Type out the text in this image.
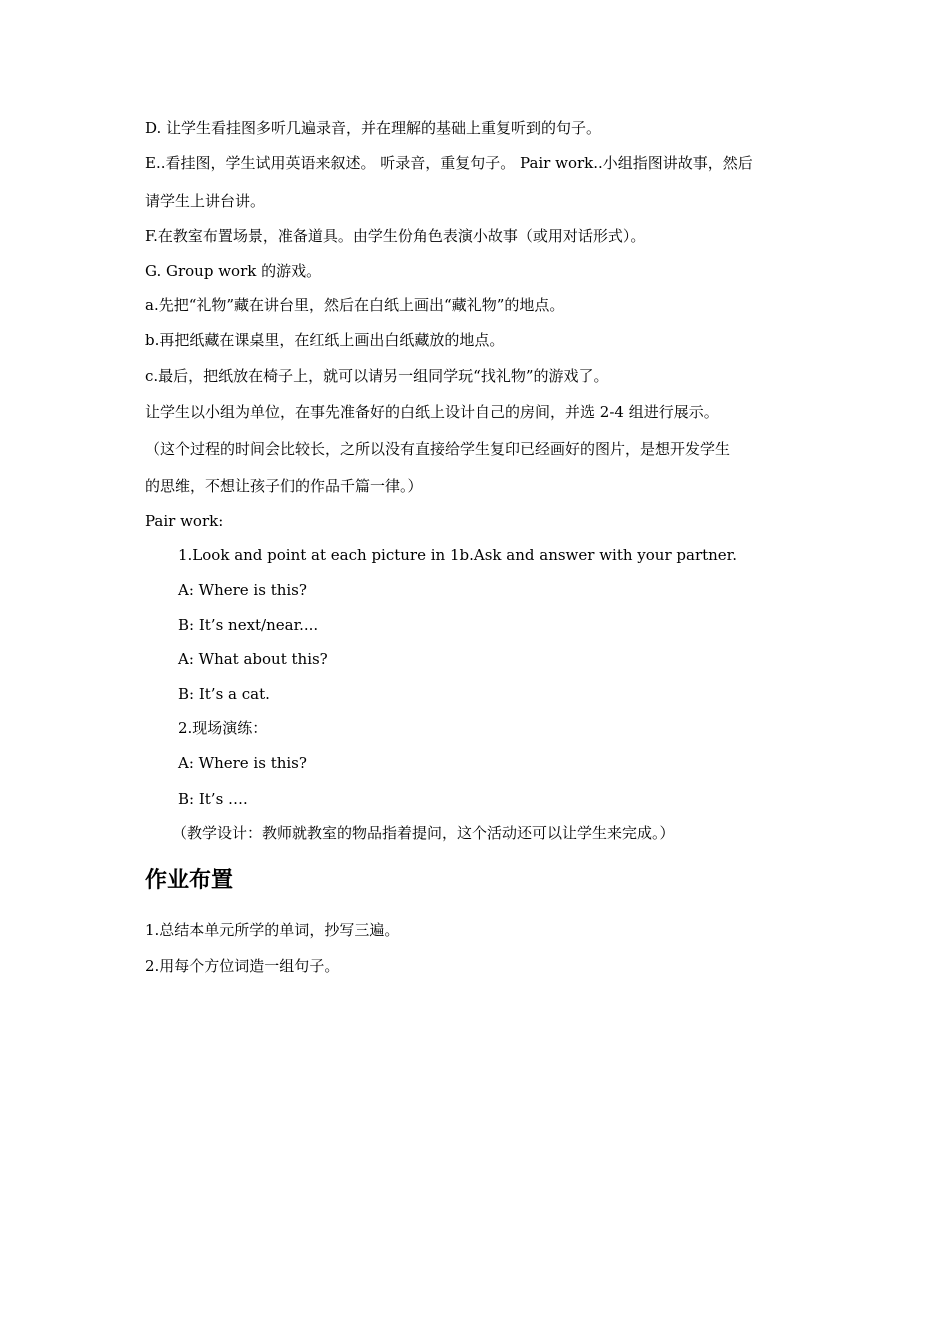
D. 让学生看挂图多听几遍录音，并在理解的基础上重复听到的句子。
E..看挂图，学生试用英语来叙述。 听录音，重复句子。 Pair work..小组指图讲故事，然后
请学生上讲台讲。
F.在教室布置场景，准备道具。由学生份角色表演小故事（或用对话形式）。
G. Group work 的游戏。
a.先把“礼物”藏在讲台里，然后在白纸上画出“藏礼物”的地点。
b.再把纸藏在课桌里，在红纸上画出白纸藏放的地点。
c.最后，把纸放在椅子上，就可以请另一组同学玩“找礼物”的游戏了。
让学生以小组为单位，在事先准备好的白纸上设计自己的房间，并选 2-4 组进行展示。
（这个过程的时间会比较长，之所以没有直接给学生复印已经画好的图片，是想开发学生
的思维，不想让孩子们的作品千篇一律。）
Pair work:
1.Look and point at each picture in 1b.Ask and answer with your partner.
A: Where is this?
B: It’s next/near....
A: What about this?
B: It’s a cat.
2.现场演练：
A: Where is this?
B: It’s ….
（教学设计：教师就教室的物品指着提问，这个活动还可以让学生来完成。）
作业布置
1.总结本单元所学的单词，抄写三遍。
2.用每个方位词造一组句子。
